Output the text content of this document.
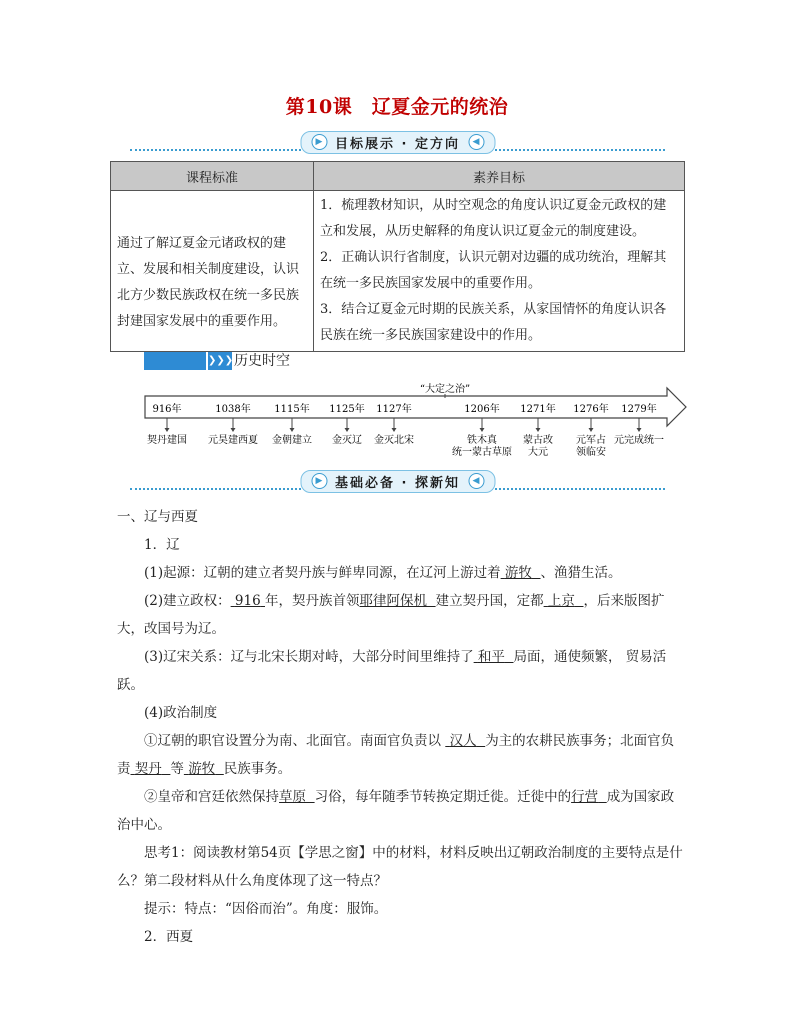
第10课　辽夏金元的统治
▶ 目标展示 · 定方向	◀
课程标准	素养目标
通过了解辽夏金元诸政权的建立、发展和相关制度建设，认识北方少数民族政权在统一多民族封建国家发展中的重要作用。	1．梳理教材知识，从时空观念的角度认识辽夏金元政权的建立和发展，从历史解释的角度认识辽夏金元的制度建设。
2．正确认识行省制度，认识元朝对边疆的成功统治，理解其在统一多民族国家发展中的重要作用。
3．结合辽夏金元时期的民族关系，从家国情怀的角度认识各民族在统一多民族国家建设中的作用。
❯❯❯ 历史时空
“大定之治”
916年
契丹建国
1038年
元昊建西夏
1115年
金朝建立
1125年
金灭辽
1127年
金灭北宋
1206年
铁木真
统一蒙古草原
1271年
蒙古改
大元
1276年
元军占
领临安
1279年
元完成统一
▶ 基础必备 · 探新知	◀

一、辽与西夏

1．辽

(1)起源：辽朝的建立者契丹族与鲜卑同源，在辽河上游过着 游牧 、渔猎生活。

(2)建立政权： 916 年，契丹族首领耶律阿保机 建立契丹国，定都 上京 ，后来版图扩大，改国号为辽。

(3)辽宋关系：辽与北宋长期对峙，大部分时间里维持了 和平 局面，通使频繁， 贸易活跃。

(4)政治制度

①辽朝的职官设置分为南、北面官。南面官负责以  汉人 为主的农耕民族事务；北面官负责 契丹 等 游牧 民族事务。

②皇帝和宫廷依然保持草原 习俗，每年随季节转换定期迁徙。迁徙中的行营 成为国家政治中心。

思考1：阅读教材第54页【学思之窗】中的材料，材料反映出辽朝政治制度的主要特点是什么？第二段材料从什么角度体现了这一特点？

提示：特点：“因俗而治”。角度：服饰。

2．西夏
